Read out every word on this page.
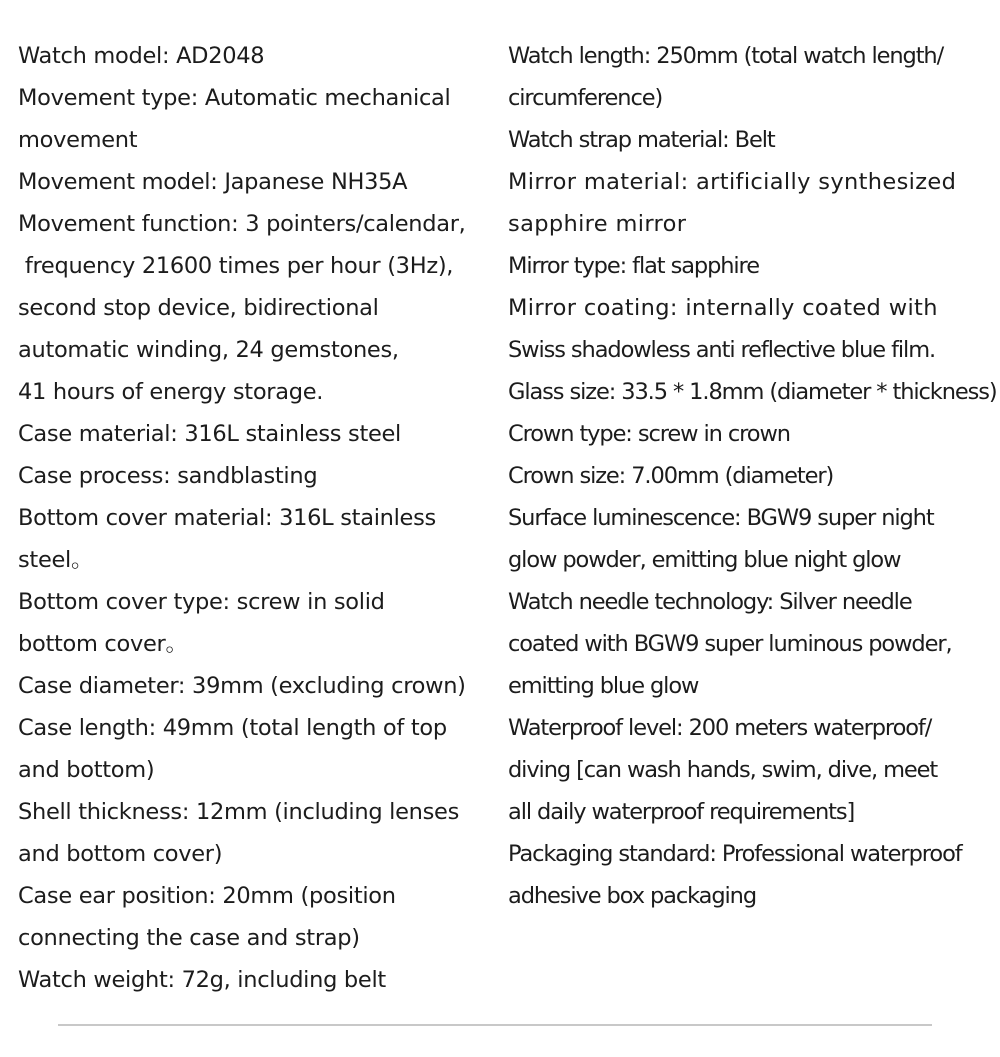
Watch model: AD2048
Movement type: Automatic mechanical
movement
Movement model: Japanese NH35A
Movement function: 3 pointers/calendar,
frequency 21600 times per hour (3Hz),
second stop device, bidirectional
automatic winding, 24 gemstones,
41 hours of energy storage.
Case material: 316L stainless steel
Case process: sandblasting
Bottom cover material: 316L stainless
steel。
Bottom cover type: screw in solid
bottom cover。
Case diameter: 39mm (excluding crown)
Case length: 49mm (total length of top
and bottom)
Shell thickness: 12mm (including lenses
and bottom cover)
Case ear position: 20mm (position
connecting the case and strap)
Watch weight: 72g, including belt
Watch length: 250mm (total watch length/
circumference)
Watch strap material: Belt
Mirror material: artificially synthesized
sapphire mirror
Mirror type: flat sapphire
Mirror coating: internally coated with
Swiss shadowless anti reflective blue film.
Glass size: 33.5 * 1.8mm (diameter * thickness)
Crown type: screw in crown
Crown size: 7.00mm (diameter)
Surface luminescence: BGW9 super night
glow powder, emitting blue night glow
Watch needle technology: Silver needle
coated with BGW9 super luminous powder,
emitting blue glow
Waterproof level: 200 meters waterproof/
diving [can wash hands, swim, dive, meet
all daily waterproof requirements]
Packaging standard: Professional waterproof
adhesive box packaging
